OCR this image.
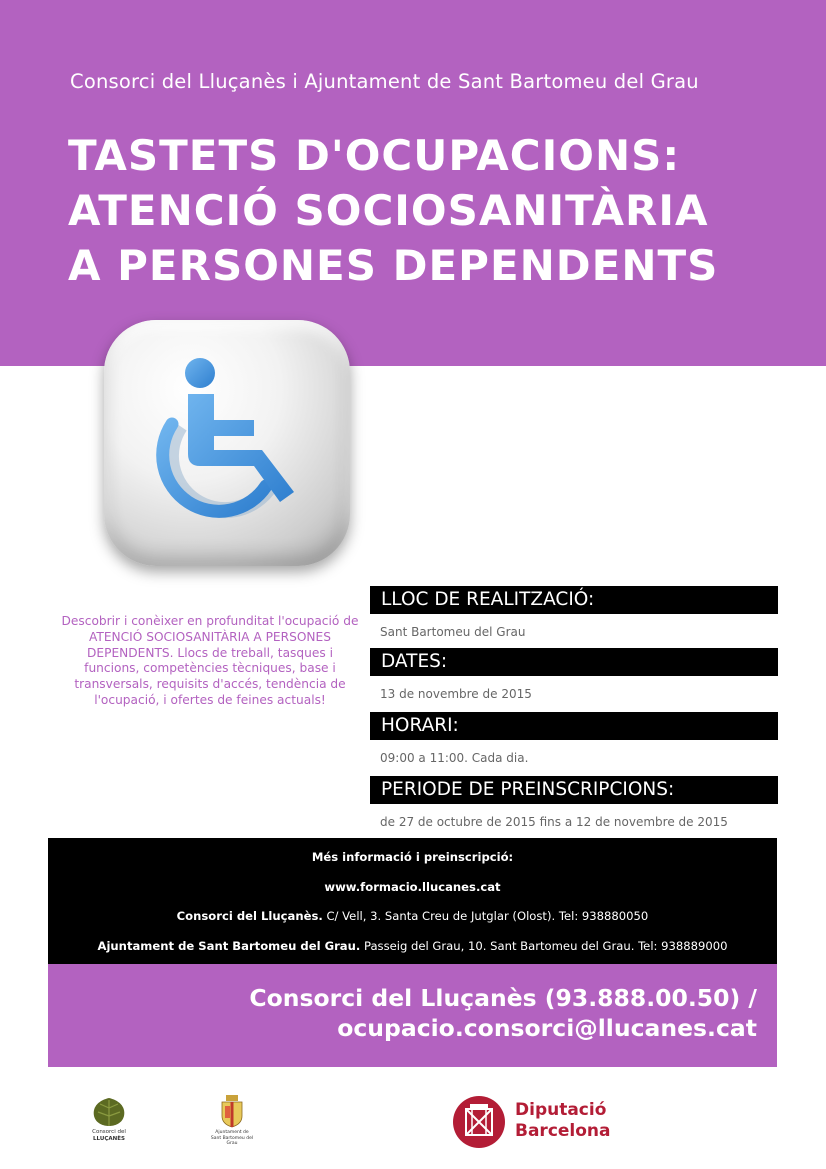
Consorci del Lluçanès i Ajuntament de Sant Bartomeu del Grau
TASTETS D'OCUPACIONS:
ATENCIÓ SOCIOSANITÀRIA
A PERSONES DEPENDENTS
Descobrir i conèixer en profunditat l'ocupació de ATENCIÓ SOCIOSANITÀRIA A PERSONES DEPENDENTS. Llocs de treball, tasques i funcions, competències tècniques, base i transversals, requisits d'accés, tendència de l'ocupació, i ofertes de feines actuals!
LLOC DE REALITZACIÓ:
Sant Bartomeu del Grau
DATES:
13 de novembre de 2015
HORARI:
09:00 a 11:00. Cada dia.
PERIODE DE PREINSCRIPCIONS:
de 27 de octubre de 2015 fins a 12 de novembre de 2015
Més informació i preinscripció:
www.formacio.llucanes.cat
Consorci del Lluçanès. C/ Vell, 3. Santa Creu de Jutglar (Olost). Tel: 938880050
Ajuntament de Sant Bartomeu del Grau. Passeig del Grau, 10. Sant Bartomeu del Grau. Tel: 938889000
Consorci del Lluçanès (93.888.00.50) /
ocupacio.consorci@llucanes.cat
Consorci del
LLUÇANÈS
Ajuntament de
Sant Bartomeu del
Grau
Diputació
Barcelona
